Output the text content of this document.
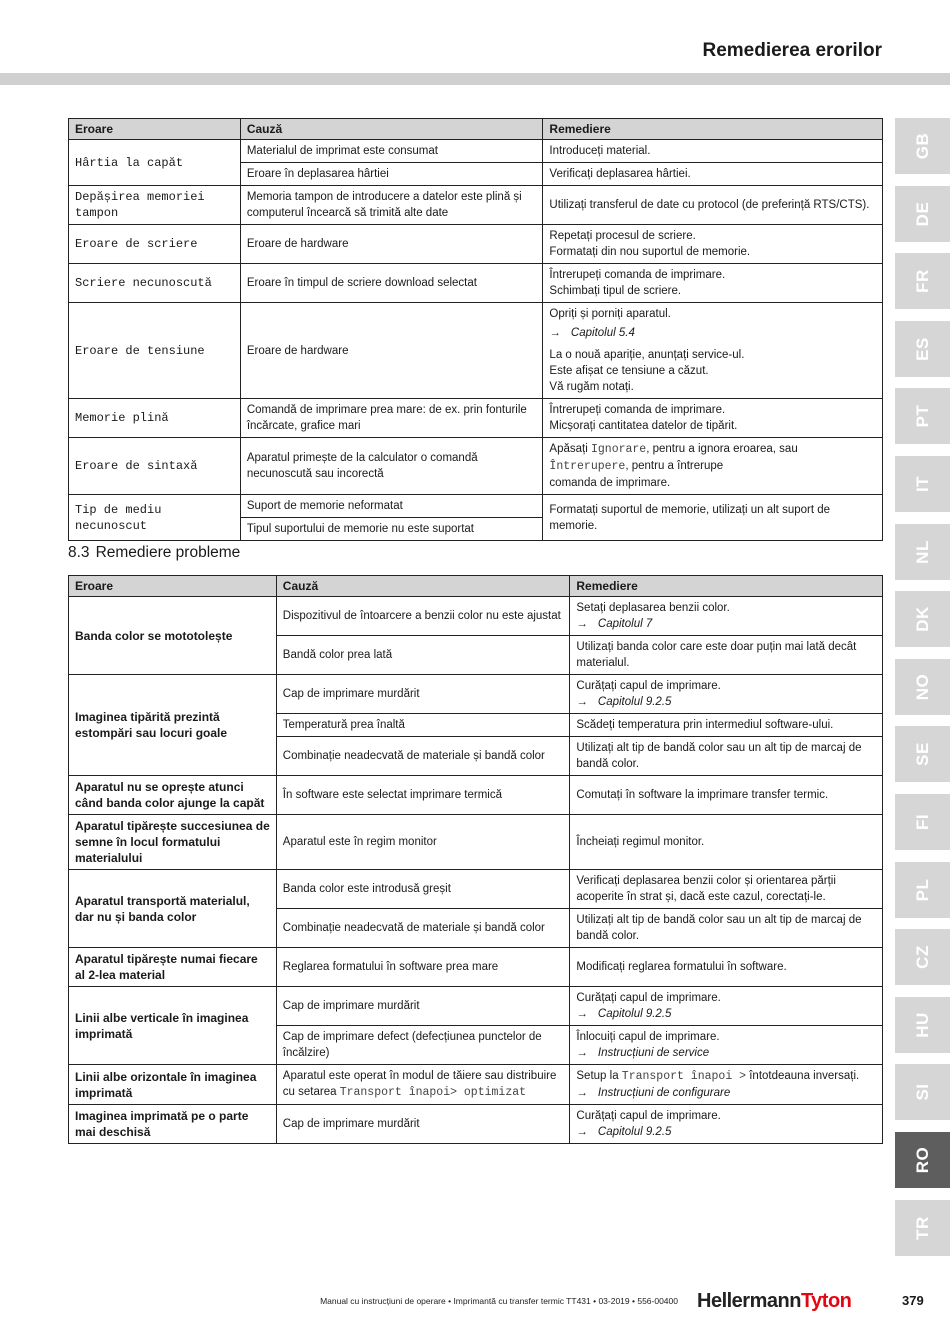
Remedierea erorilor
GB
DE
FR
ES
PT
IT
NL
DK
NO
SE
FI
PL
CZ
HU
SI
RO
TR
Eroare	Cauză	Remediere
Hârtia la capăt	Materialul de imprimat este consumat	Introduceți material.
	Eroare în deplasarea hârtiei	Verificați deplasarea hârtiei.
Depășirea memoriei tampon	Memoria tampon de introducere a datelor este plină și computerul încearcă să trimită alte date	Utilizați transferul de date cu protocol (de preferință RTS/CTS).
Eroare de scriere	Eroare de hardware	Repetați procesul de scriere.
Formatați din nou suportul de memorie.

Scriere necunoscută	Eroare în timpul de scriere download selectat	Întrerupeți comanda de imprimare.
Schimbați tipul de scriere.

Eroare de tensiune	Eroare de hardware	Opriți și porniți aparatul.
→ Capitolul 5.4
La o nouă apariție, anunțați service-ul.
Este afișat ce tensiune a căzut.
Vă rugăm notați.

Memorie plină	Comandă de imprimare prea mare: de ex. prin fonturile încărcate, grafice mari	Întrerupeți comanda de imprimare.
Micșorați cantitatea datelor de tipărit.

Eroare de sintaxă	Aparatul primește de la calculator o comandă necunoscută sau incorectă	Apăsați Ignorare, pentru a ignora eroarea, sau
Întrerupere, pentru a întrerupe
comanda de imprimare.
Tip de mediu necunoscut	Suport de memorie neformatat	Formatați suportul de memorie, utilizați un alt suport de memorie.
	Tipul suportului de memorie nu este suportat	
8.3 Remediere probleme
Eroare	Cauză	Remediere
Banda color se mototolește	Dispozitivul de întoarcere a benzii color nu este ajustat	Setați deplasarea benzii color.
→ Capitolul 7

	Bandă color prea lată	Utilizați banda color care este doar puțin mai lată decât materialul.
Imaginea tipărită prezintă estompări sau locuri goale	Cap de imprimare murdărit	Curățați capul de imprimare.
→ Capitolul 9.2.5

	Temperatură prea înaltă	Scădeți temperatura prin intermediul software-ului.
	Combinație neadecvată de materiale și bandă color	Utilizați alt tip de bandă color sau un alt tip de marcaj de bandă color.
Aparatul nu se oprește atunci când banda color ajunge la capăt	În software este selectat imprimare termică	Comutați în software la imprimare transfer termic.
Aparatul tipărește succesiunea de semne în locul formatului materialului	Aparatul este în regim monitor	Încheiați regimul monitor.
Aparatul transportă materialul, dar nu și banda color	Banda color este introdusă greșit	Verificați deplasarea benzii color și orientarea părții acoperite în strat și, dacă este cazul, corectați-le.
	Combinație neadecvată de materiale și bandă color	Utilizați alt tip de bandă color sau un alt tip de marcaj de bandă color.
Aparatul tipărește numai fiecare al 2-lea material	Reglarea formatului în software prea mare	Modificați reglarea formatului în software.
Linii albe verticale în imaginea imprimată	Cap de imprimare murdărit	Curățați capul de imprimare.
→ Capitolul 9.2.5

	Cap de imprimare defect (defecțiunea punctelor de încălzire)	Înlocuiți capul de imprimare.
→ Instrucțiuni de service

Linii albe orizontale în imaginea imprimată	Aparatul este operat în modul de tăiere sau distribuire cu setarea Transport înapoi> optimizat	Setup la Transport înapoi > întotdeauna inversați.
→ Instrucțiuni de configurare

Imaginea imprimată pe o parte mai deschisă	Cap de imprimare murdărit	Curățați capul de imprimare.
→ Capitolul 9.2.5
Manual cu instrucțiuni de operare • Imprimantă cu transfer termic TT431 • 03-2019 • 556-00400 HellermannTyton	379
